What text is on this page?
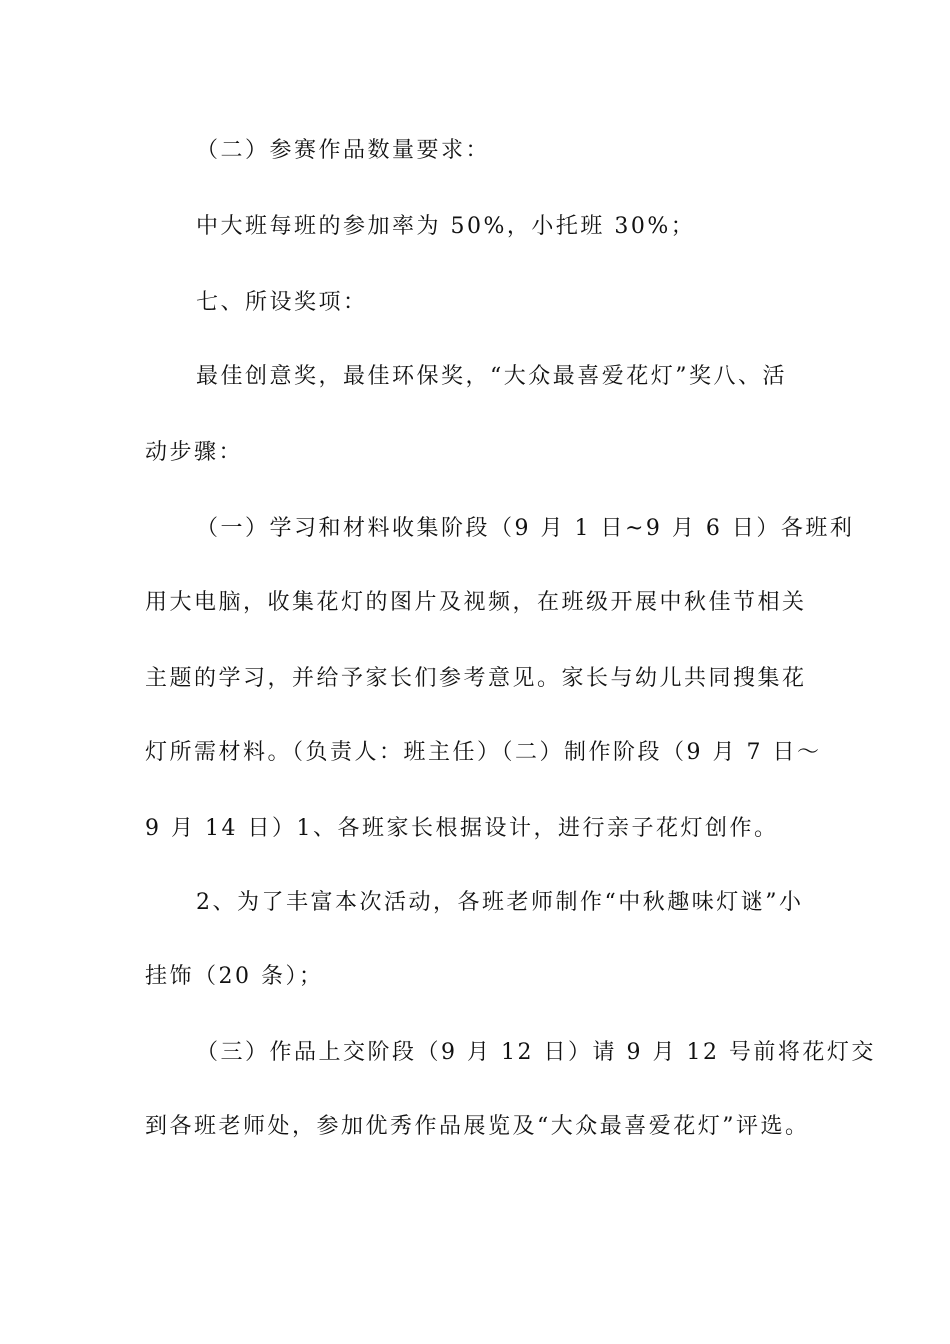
（二）参赛作品数量要求：

中大班每班的参加率为 50%，小托班 30%；

七、所设奖项：

最佳创意奖，最佳环保奖，“大众最喜爱花灯”奖八、活

动步骤：

（一）学习和材料收集阶段（9 月 1 日~9 月 6 日）各班利

用大电脑，收集花灯的图片及视频，在班级开展中秋佳节相关

主题的学习，并给予家长们参考意见。家长与幼儿共同搜集花

灯所需材料。（负责人：班主任）（二）制作阶段（9 月 7 日～

9 月 14 日）1、各班家长根据设计，进行亲子花灯创作。

2、为了丰富本次活动，各班老师制作“中秋趣味灯谜”小

挂饰（20 条）；

（三）作品上交阶段（9 月 12 日）请 9 月 12 号前将花灯交

到各班老师处，参加优秀作品展览及“大众最喜爱花灯”评选。
